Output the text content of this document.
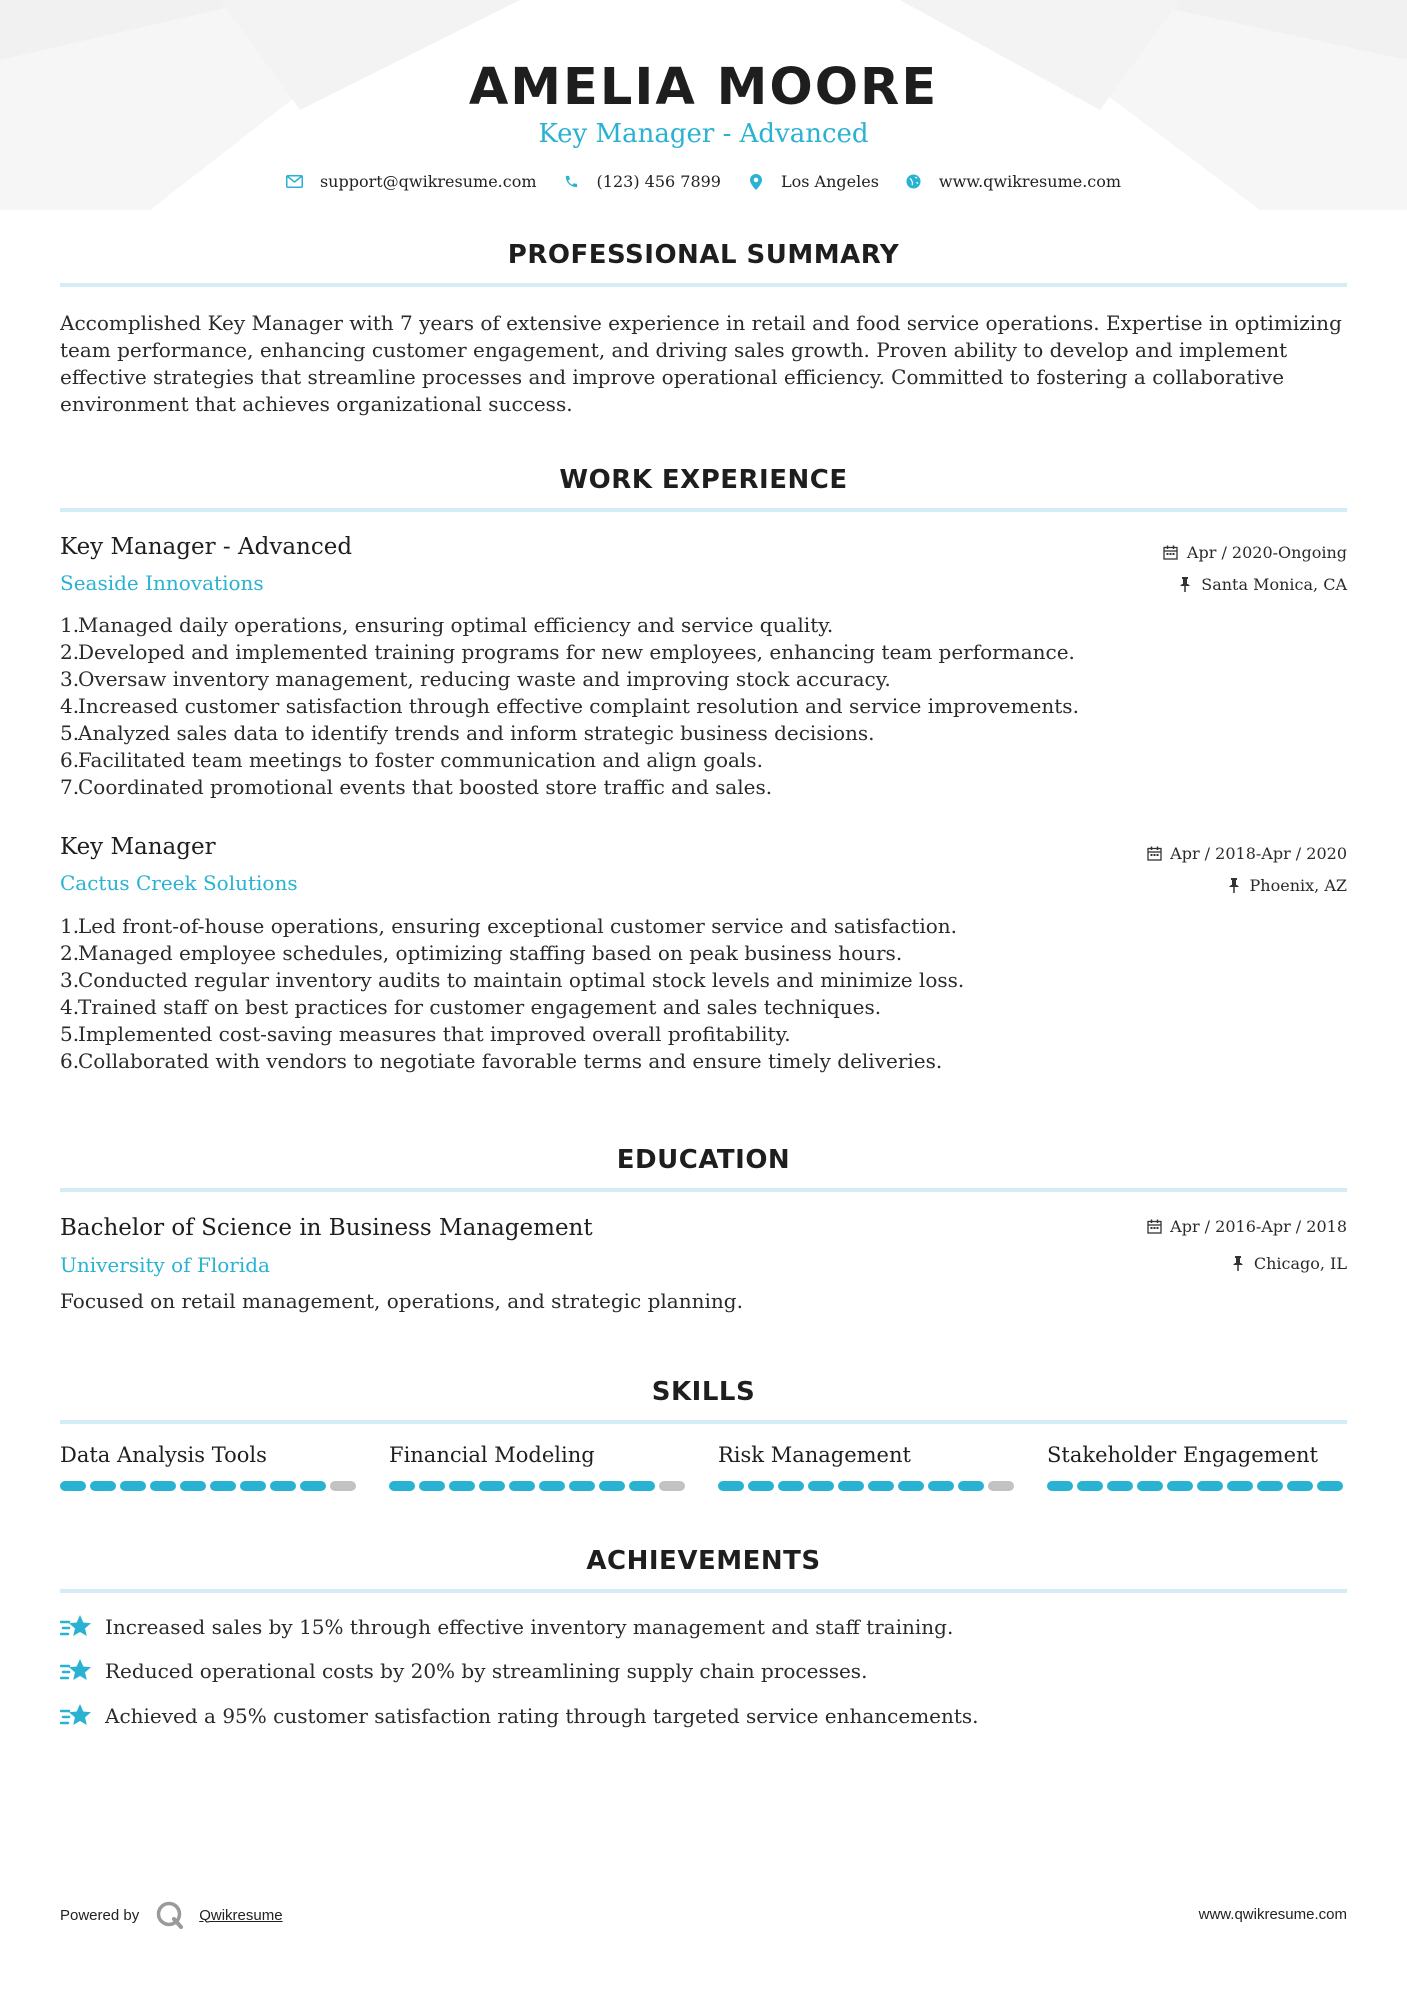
AMELIA MOORE
Key Manager - Advanced
support@qwikresume.com	(123) 456 7899	Los Angeles	www.qwikresume.com
PROFESSIONAL SUMMARY
Accomplished Key Manager with 7 years of extensive experience in retail and food service operations. Expertise in optimizing team performance, enhancing customer engagement, and driving sales growth. Proven ability to develop and implement effective strategies that streamline processes and improve operational efficiency. Committed to fostering a collaborative environment that achieves organizational success.
WORK EXPERIENCE
Key Manager - Advanced
Seaside Innovations
Apr / 2020-Ongoing
Santa Monica, CA
1.
Managed daily operations, ensuring optimal efficiency and service quality.
2.
Developed and implemented training programs for new employees, enhancing team performance.
3.
Oversaw inventory management, reducing waste and improving stock accuracy.
4.
Increased customer satisfaction through effective complaint resolution and service improvements.
5.
Analyzed sales data to identify trends and inform strategic business decisions.
6.
Facilitated team meetings to foster communication and align goals.
7.
Coordinated promotional events that boosted store traffic and sales.
Key Manager
Cactus Creek Solutions
Apr / 2018-Apr / 2020
Phoenix, AZ
1.
Led front-of-house operations, ensuring exceptional customer service and satisfaction.
2.
Managed employee schedules, optimizing staffing based on peak business hours.
3.
Conducted regular inventory audits to maintain optimal stock levels and minimize loss.
4.
Trained staff on best practices for customer engagement and sales techniques.
5.
Implemented cost-saving measures that improved overall profitability.
6.
Collaborated with vendors to negotiate favorable terms and ensure timely deliveries.
EDUCATION
Bachelor of Science in Business Management
University of Florida
Apr / 2016-Apr / 2018
Chicago, IL
Focused on retail management, operations, and strategic planning.
SKILLS
Data Analysis Tools	Financial Modeling	Risk Management	Stakeholder Engagement
ACHIEVEMENTS
Increased sales by 15% through effective inventory management and staff training.
Reduced operational costs by 20% by streamlining supply chain processes.
Achieved a 95% customer satisfaction rating through targeted service enhancements.
Powered by	Qwikresume	www.qwikresume.com
